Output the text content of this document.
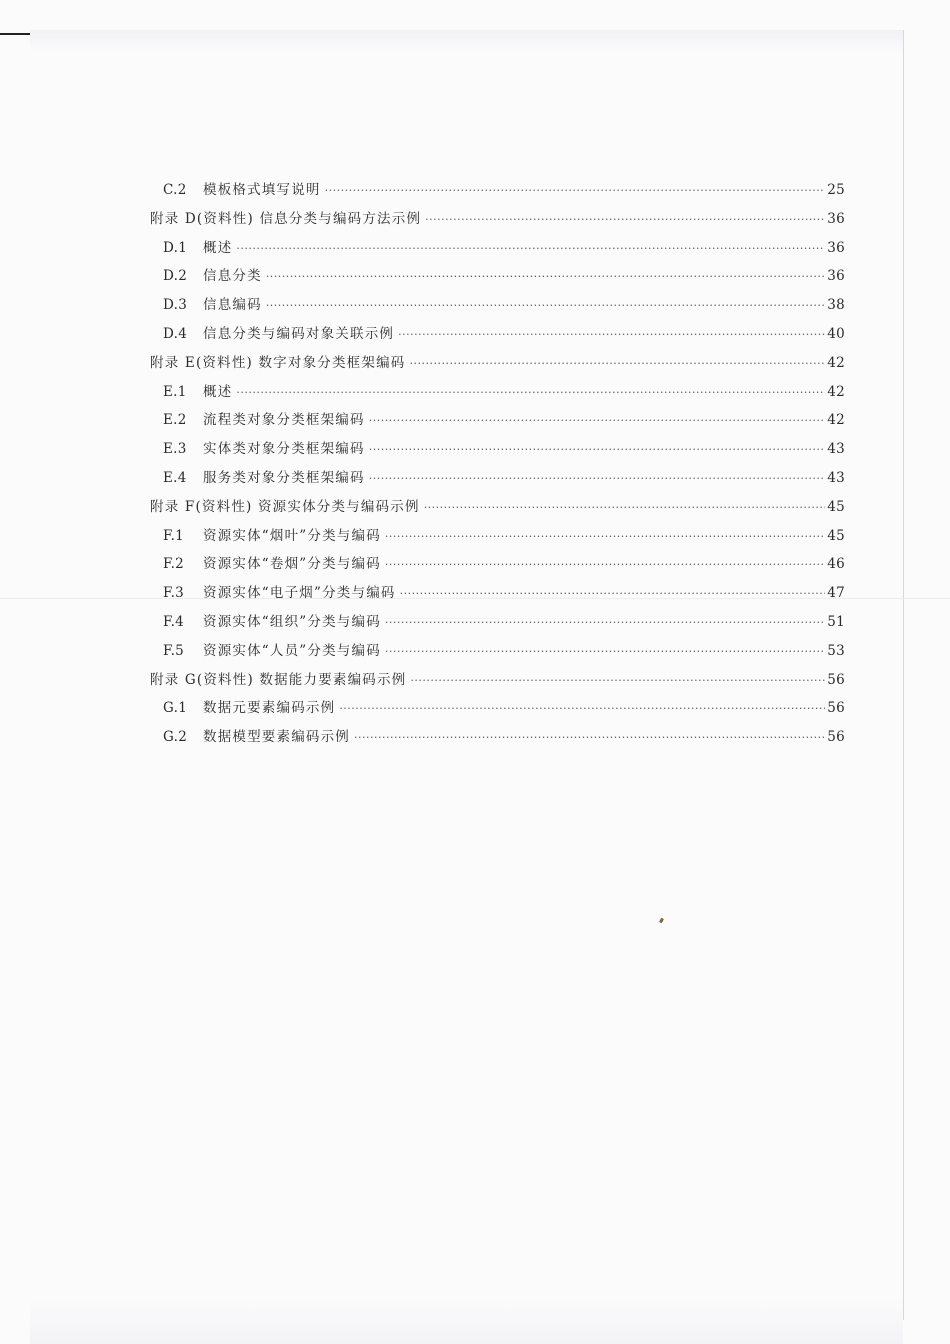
C.2	模板格式填写说明 ·····	25
附录 D(资料性) 信息分类与编码方法示例 ·····	36
D.1	概述 ·····	36
D.2	信息分类 ·····	36
D.3	信息编码 ·····	38
D.4	信息分类与编码对象关联示例 ·····	40
附录 E(资料性) 数字对象分类框架编码 ·····	42
E.1	概述 ·····	42
E.2	流程类对象分类框架编码 ·····	42
E.3	实体类对象分类框架编码 ·····	43
E.4	服务类对象分类框架编码 ·····	43
附录 F(资料性) 资源实体分类与编码示例 ·····	45
F.1	资源实体“烟叶”分类与编码 ·····	45
F.2	资源实体“卷烟”分类与编码 ·····	46
F.3	资源实体“电子烟”分类与编码 ·····	47
F.4	资源实体“组织”分类与编码 ·····	51
F.5	资源实体“人员”分类与编码 ·····	53
附录 G(资料性) 数据能力要素编码示例 ·····	56
G.1	数据元要素编码示例 ·····	56
G.2	数据模型要素编码示例 ·····	56
